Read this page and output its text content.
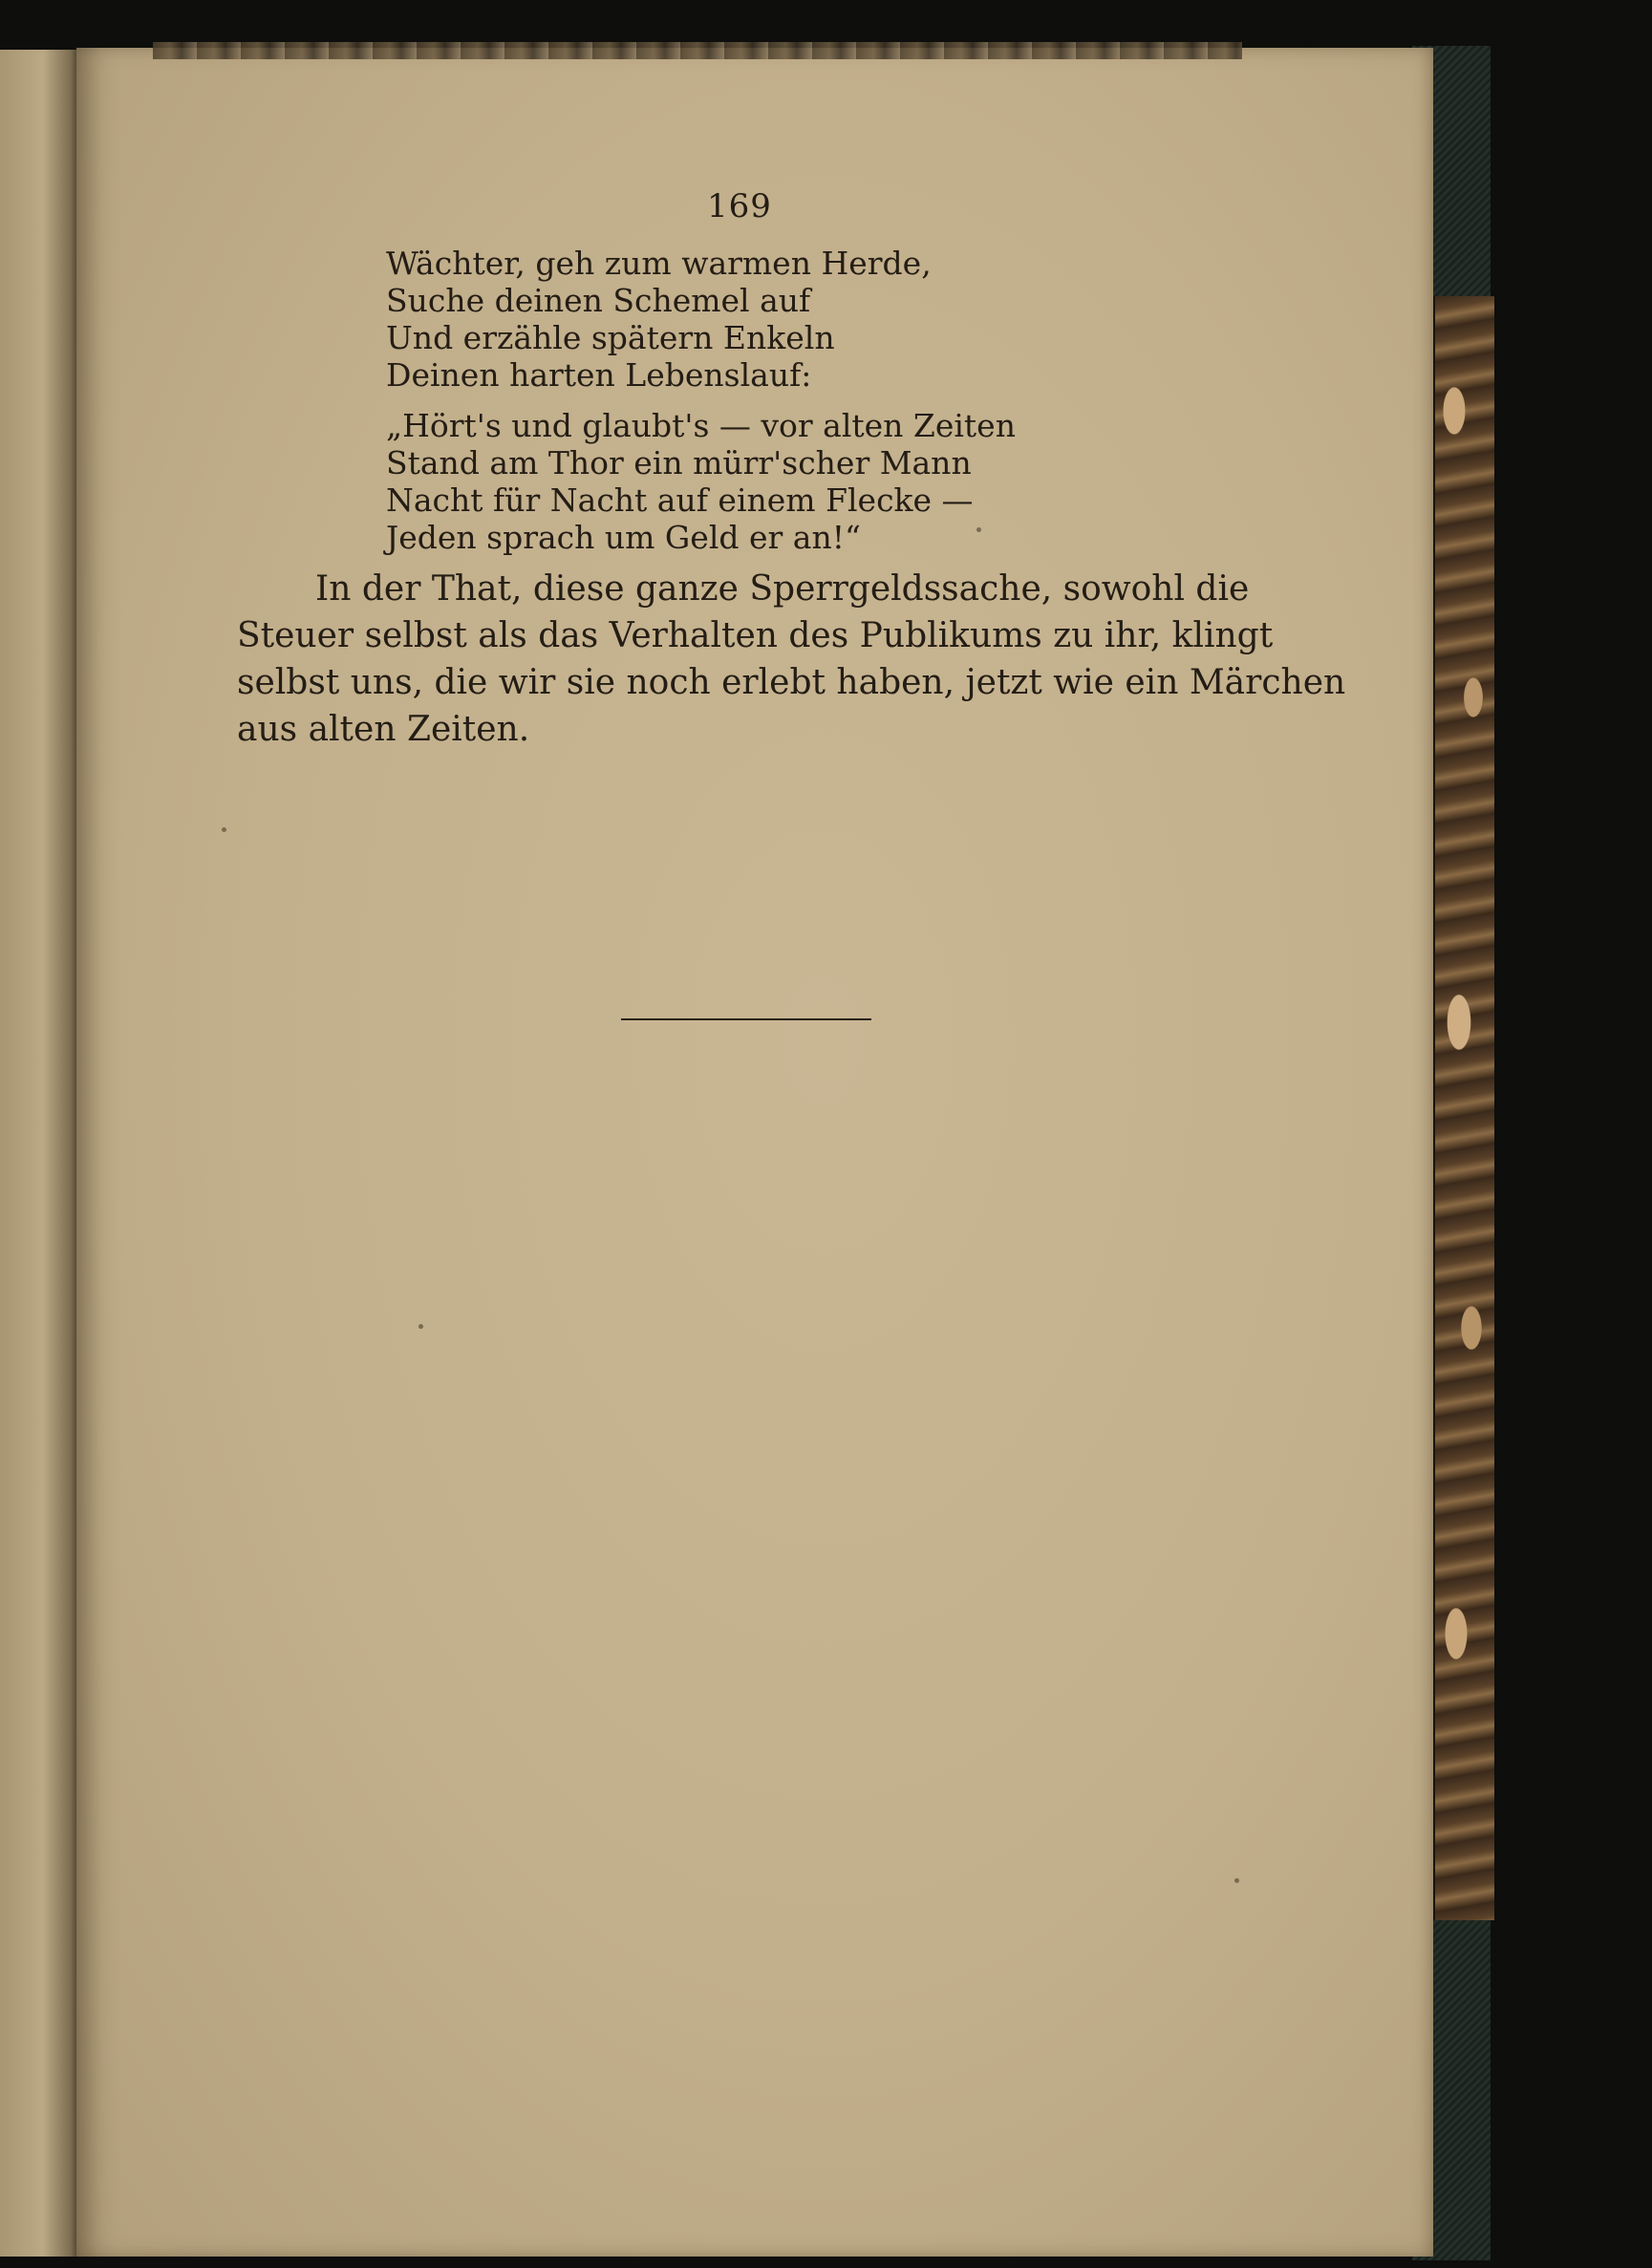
169
Wächter, geh zum warmen Herde,
Suche deinen Schemel auf
Und erzähle spätern Enkeln
Deinen harten Lebenslauf:
„Hört's und glaubt's — vor alten Zeiten
Stand am Thor ein mürr'scher Mann
Nacht für Nacht auf einem Flecke —
Jeden sprach um Geld er an!“
In der That, diese ganze Sperrgeldssache, sowohl die
Steuer selbst als das Verhalten des Publikums zu ihr, klingt
selbst uns, die wir sie noch erlebt haben, jetzt wie ein Märchen
aus alten Zeiten.
